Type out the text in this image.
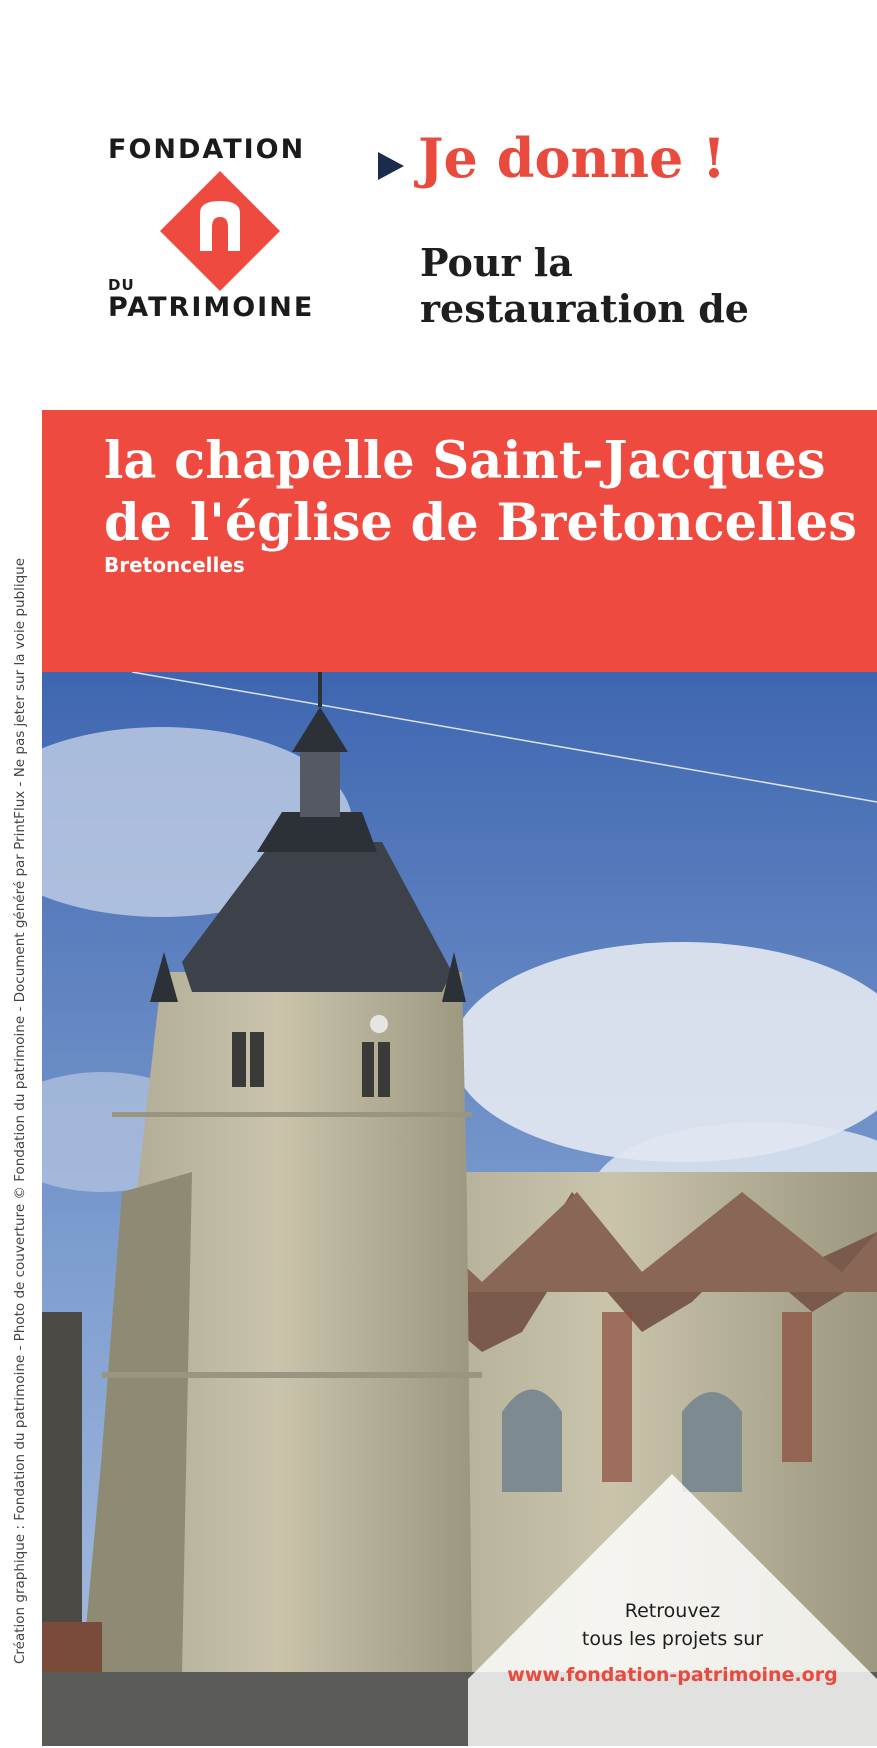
FONDATION
DU
PATRIMOINE
Je donne !
Pour la restauration de
la chapelle Saint-Jacques de l'église de Bretoncelles
Bretoncelles
Création graphique : Fondation du patrimoine - Photo de couverture © Fondation du patrimoine - Document généré par PrintFlux - Ne pas jeter sur la voie publique	Retrouvez
tous les projets sur
www.fondation-patrimoine.org
